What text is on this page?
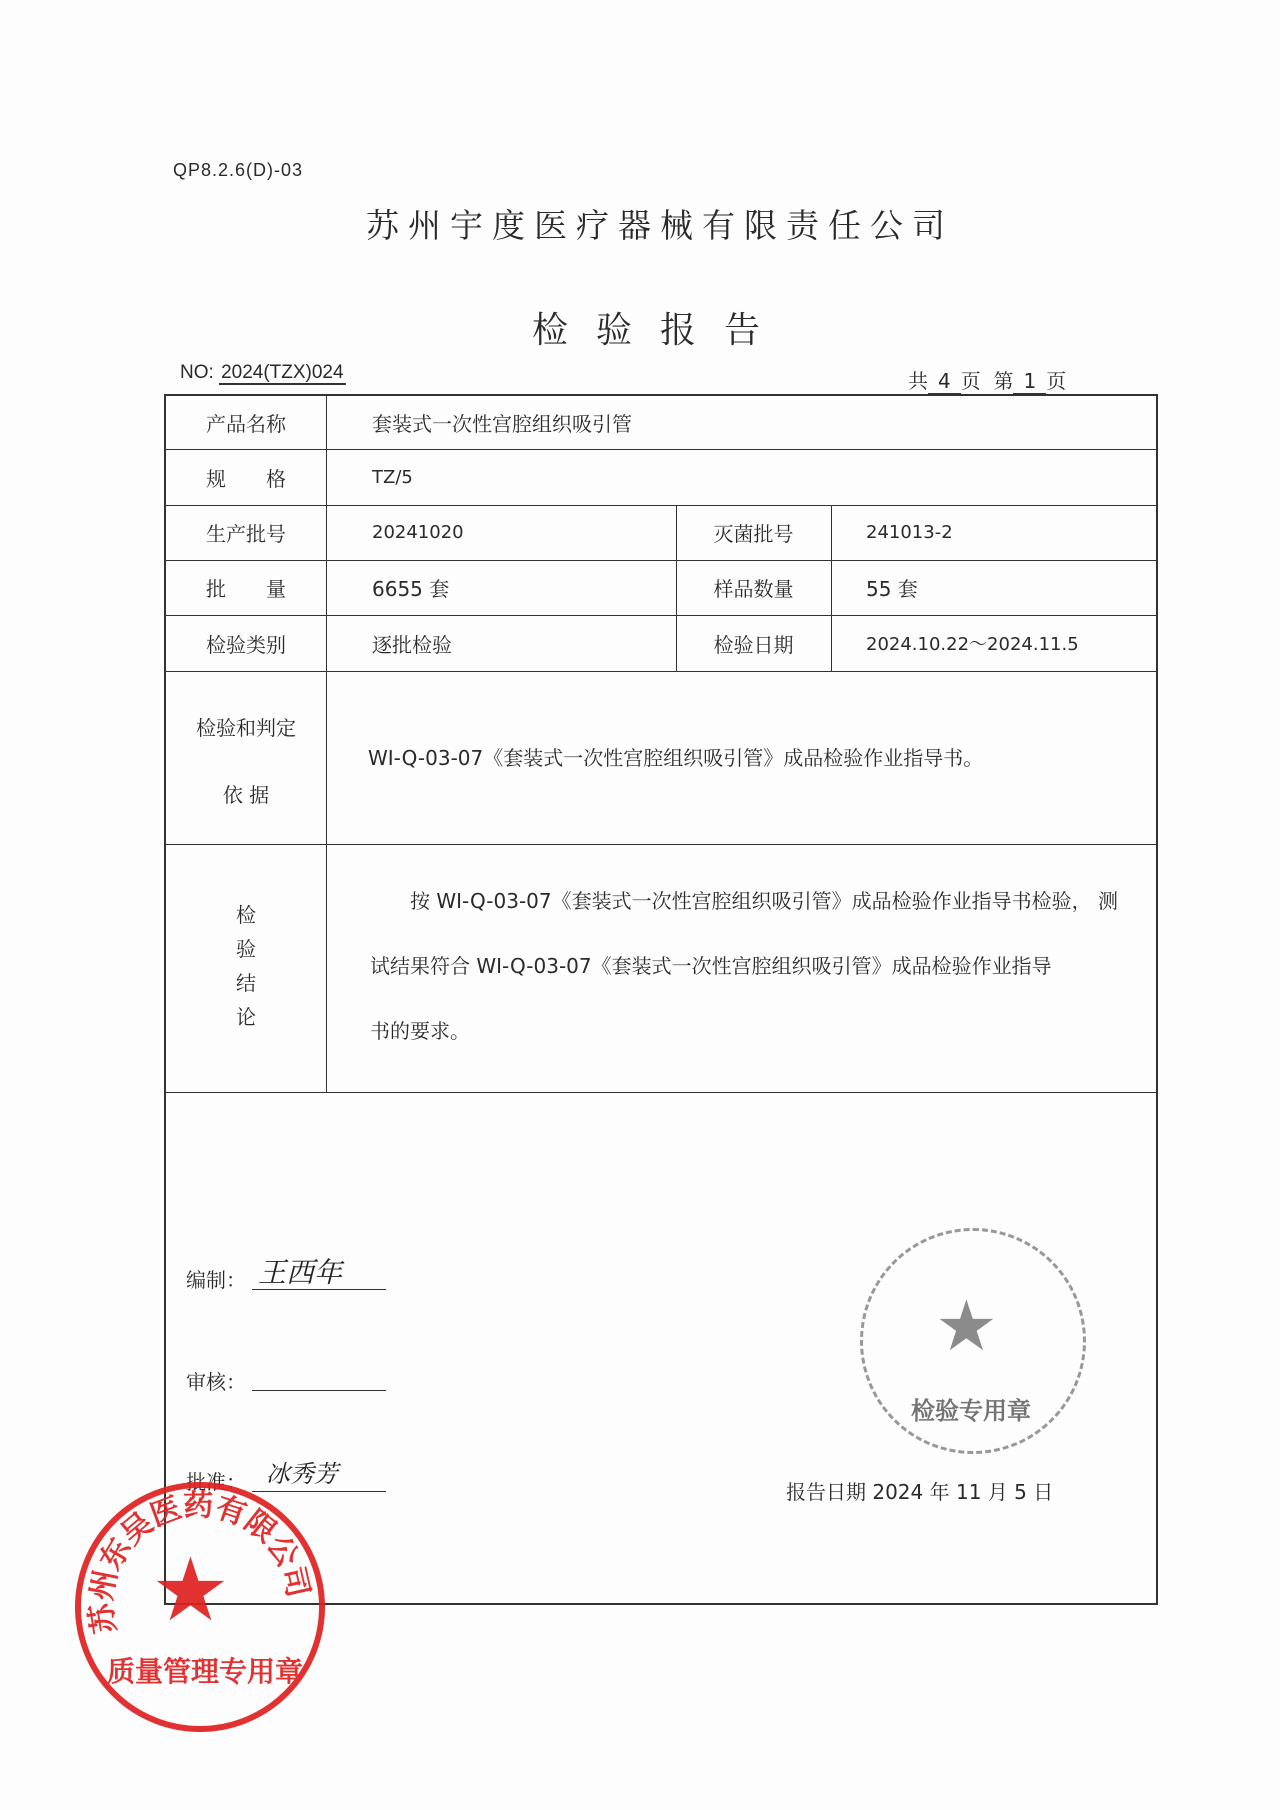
QP8.2.6(D)-03
苏州宇度医疗器械有限责任公司
检验报告
NO: 2024(TZX)024	共 4 页 第 1 页
产品名称	套装式一次性宫腔组织吸引管
规　　格	TZ/5
生产批号	20241020	灭菌批号	241013-2
批　　量	6655 套	样品数量	55 套
检验类别	逐批检验	检验日期	2024.10.22～2024.11.5
检验和判定
依 据
WI-Q-03-07《套装式一次性宫腔组织吸引管》成品检验作业指导书。
检
验
结
论
按 WI-Q-03-07《套装式一次性宫腔组织吸引管》成品检验作业指导书检验， 测
试结果符合 WI-Q-03-07《套装式一次性宫腔组织吸引管》成品检验作业指导
书的要求。
编制： 王西年
审核：
批准： 冰秀芳
报告日期 2024 年 11 月 5 日
★
检验专用章
苏州东吴医药有限公司
★
质量管理专用章
